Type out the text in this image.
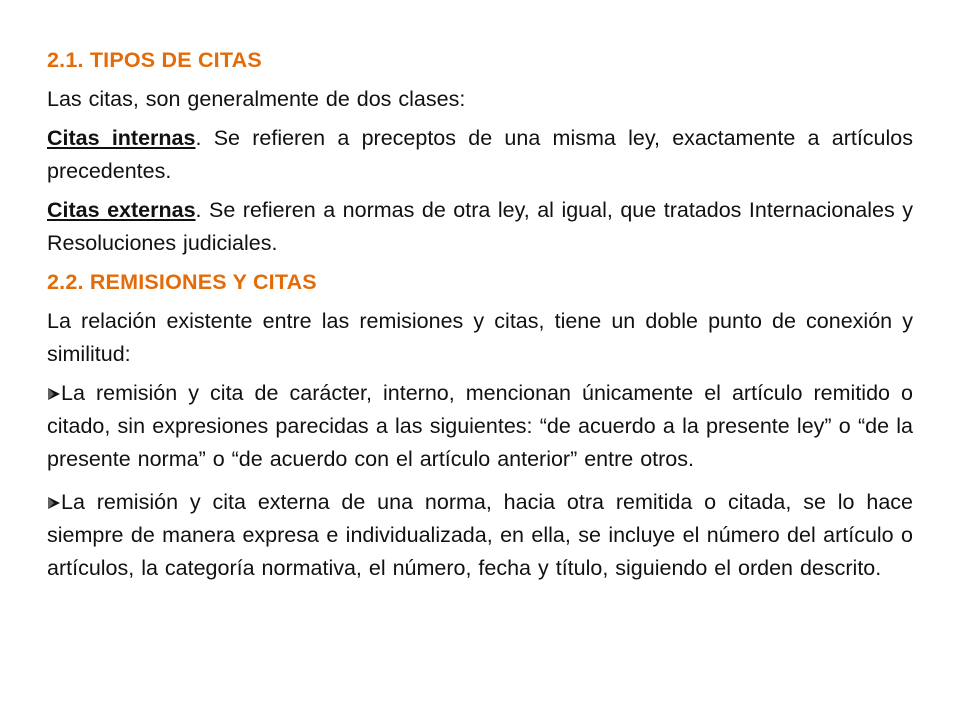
2.1. TIPOS DE CITAS
Las citas, son generalmente de dos clases:
Citas internas. Se refieren a preceptos de una misma ley, exactamente a artículos precedentes.
Citas externas. Se refieren a normas de otra ley, al igual, que tratados Internacionales y Resoluciones judiciales.
2.2. REMISIONES Y CITAS
La relación existente entre las remisiones y citas, tiene un doble punto de conexión y similitud:
La remisión y cita de carácter, interno, mencionan únicamente el artículo remitido o citado, sin expresiones parecidas a las siguientes: “de acuerdo a la presente ley” o “de la presente norma” o “de acuerdo con el artículo anterior” entre otros.
La remisión y cita externa de una norma, hacia otra remitida o citada, se lo hace siempre de manera expresa e individualizada, en ella, se incluye el número del artículo o artículos, la categoría normativa, el número, fecha y título, siguiendo el orden descrito.
